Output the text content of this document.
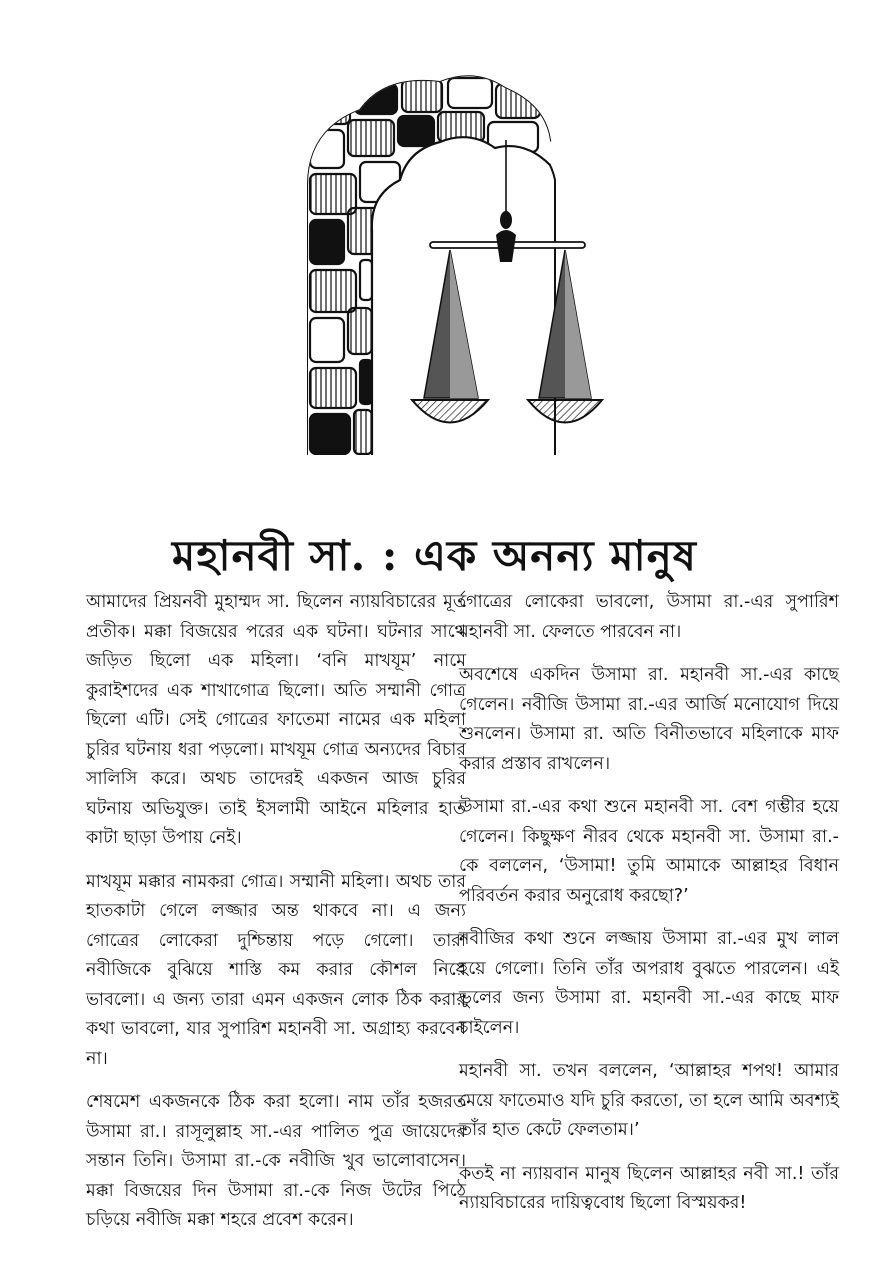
মহানবী সা. : এক অনন্য মানুষ

আমাদের প্রিয়নবী মুহাম্মদ সা. ছিলেন ন্যায়বিচারের মূর্ত প্রতীক। মক্কা বিজয়ের পরের এক ঘটনা। ঘটনার সাথে জড়িত ছিলো এক মহিলা। ‘বনি মাখযূম’ নামে কুরাইশদের এক শাখাগোত্র ছিলো। অতি সম্মানী গোত্র ছিলো এটি। সেই গোত্রের ফাতেমা নামের এক মহিলা চুরির ঘটনায় ধরা পড়লো। মাখযূম গোত্র অন্যদের বিচার সালিসি করে। অথচ তাদেরই একজন আজ চুরির ঘটনায় অভিযুক্ত। তাই ইসলামী আইনে মহিলার হাত কাটা ছাড়া উপায় নেই।

মাখযূম মক্কার নামকরা গোত্র। সম্মানী মহিলা। অথচ তার হাতকাটা গেলে লজ্জার অন্ত থাকবে না। এ জন্য গোত্রের লোকেরা দুশ্চিন্তায় পড়ে গেলো। তারা নবীজিকে বুঝিয়ে শাস্তি কম করার কৌশল নিয়ে ভাবলো। এ জন্য তারা এমন একজন লোক ঠিক করার কথা ভাবলো, যার সুপারিশ মহানবী সা. অগ্রাহ্য করবেন না।

শেষমেশ একজনকে ঠিক করা হলো। নাম তাঁর হজরত উসামা রা.। রাসূলুল্লাহ সা.-এর পালিত পুত্র জায়েদের সন্তান তিনি। উসামা রা.-কে নবীজি খুব ভালোবাসেন। মক্কা বিজয়ের দিন উসামা রা.-কে নিজ উটের পিঠে চড়িয়ে নবীজি মক্কা শহরে প্রবেশ করেন।

গোত্রের লোকেরা ভাবলো, উসামা রা.-এর সুপারিশ মহানবী সা. ফেলতে পারবেন না।

অবশেষে একদিন উসামা রা. মহানবী সা.-এর কাছে গেলেন। নবীজি উসামা রা.-এর আর্জি মনোযোগ দিয়ে শুনলেন। উসামা রা. অতি বিনীতভাবে মহিলাকে মাফ করার প্রস্তাব রাখলেন।

উসামা রা.-এর কথা শুনে মহানবী সা. বেশ গম্ভীর হয়ে গেলেন। কিছুক্ষণ নীরব থেকে মহানবী সা. উসামা রা.-কে বললেন, ‘উসামা! তুমি আমাকে আল্লাহর বিধান পরিবর্তন করার অনুরোধ করছো?’

নবীজির কথা শুনে লজ্জায় উসামা রা.-এর মুখ লাল হয়ে গেলো। তিনি তাঁর অপরাধ বুঝতে পারলেন। এই ভুলের জন্য উসামা রা. মহানবী সা.-এর কাছে মাফ চাইলেন।

মহানবী সা. তখন বললেন, ‘আল্লাহর শপথ! আমার মেয়ে ফাতেমাও যদি চুরি করতো, তা হলে আমি অবশ্যই তাঁর হাত কেটে ফেলতাম।’

কতই না ন্যায়বান মানুষ ছিলেন আল্লাহর নবী সা.! তাঁর ন্যায়বিচারের দায়িত্ববোধ ছিলো বিস্ময়কর!
